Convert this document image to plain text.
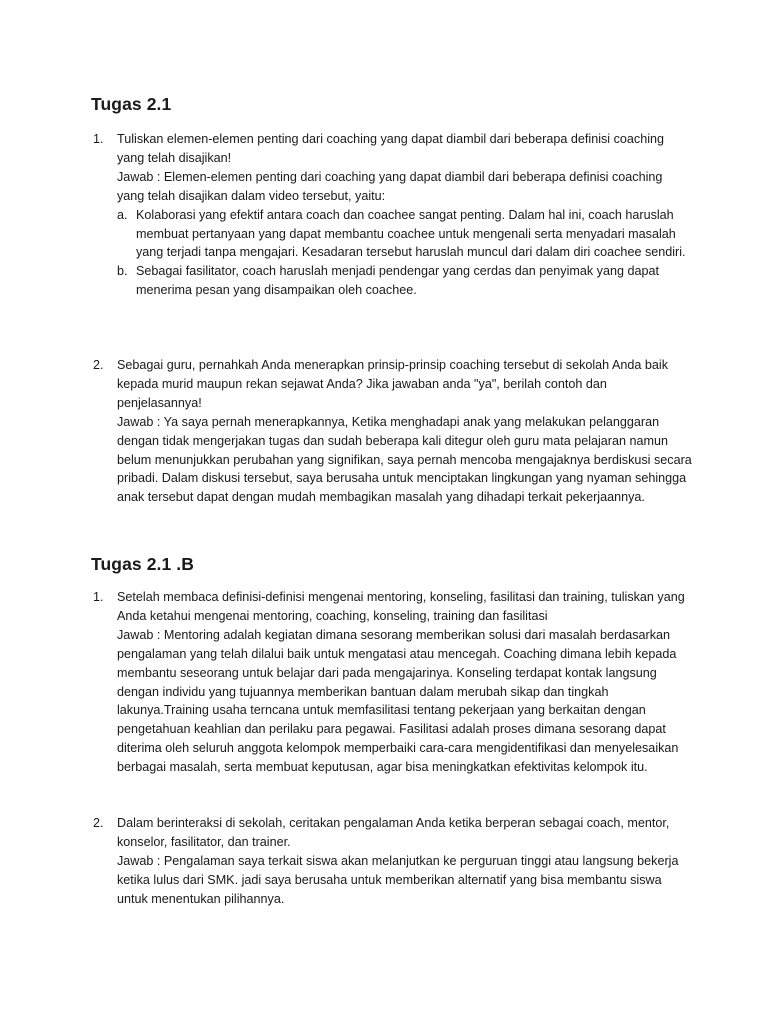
Tugas 2.1
1.	Tuliskan elemen-elemen penting dari coaching yang dapat diambil dari beberapa definisi coaching yang telah disajikan!

Jawab : Elemen-elemen penting dari coaching yang dapat diambil dari beberapa definisi coaching yang telah disajikan dalam video tersebut, yaitu:

a. Kolaborasi yang efektif antara coach dan coachee sangat penting. Dalam hal ini, coach haruslah membuat pertanyaan yang dapat membantu coachee untuk mengenali serta menyadari masalah yang terjadi tanpa mengajari. Kesadaran tersebut haruslah muncul dari dalam diri coachee sendiri.

b. Sebagai fasilitator, coach haruslah menjadi pendengar yang cerdas dan penyimak yang dapat menerima pesan yang disampaikan oleh coachee.

2.	Sebagai guru, pernahkah Anda menerapkan prinsip-prinsip coaching tersebut di sekolah Anda baik kepada murid maupun rekan sejawat Anda? Jika jawaban anda "ya", berilah contoh dan penjelasannya!

Jawab : Ya saya pernah menerapkannya, Ketika menghadapi anak yang melakukan pelanggaran dengan tidak mengerjakan tugas dan sudah beberapa kali ditegur oleh guru mata pelajaran namun belum menunjukkan perubahan yang signifikan, saya pernah mencoba mengajaknya berdiskusi secara pribadi. Dalam diskusi tersebut, saya berusaha untuk menciptakan lingkungan yang nyaman sehingga anak tersebut dapat dengan mudah membagikan masalah yang dihadapi terkait pekerjaannya.

Tugas 2.1 .B
1.	Setelah membaca definisi-definisi mengenai mentoring, konseling, fasilitasi dan training, tuliskan yang Anda ketahui mengenai mentoring, coaching, konseling, training dan fasilitasi

Jawab : Mentoring adalah kegiatan dimana sesorang memberikan solusi dari masalah berdasarkan pengalaman yang telah dilalui baik untuk mengatasi atau mencegah. Coaching dimana lebih kepada membantu seseorang untuk belajar dari pada mengajarinya. Konseling terdapat kontak langsung dengan individu yang tujuannya memberikan bantuan dalam merubah sikap dan tingkah lakunya.Training usaha terncana untuk memfasilitasi tentang pekerjaan yang berkaitan dengan pengetahuan keahlian dan perilaku para pegawai. Fasilitasi adalah proses dimana sesorang dapat diterima oleh seluruh anggota kelompok memperbaiki cara-cara mengidentifikasi dan menyelesaikan berbagai masalah, serta membuat keputusan, agar bisa meningkatkan efektivitas kelompok itu.

2.	Dalam berinteraksi di sekolah, ceritakan pengalaman Anda ketika berperan sebagai coach, mentor, konselor, fasilitator, dan trainer.

Jawab : Pengalaman saya terkait siswa akan melanjutkan ke perguruan tinggi atau langsung bekerja ketika lulus dari SMK. jadi saya berusaha untuk memberikan alternatif yang bisa membantu siswa untuk menentukan pilihannya.
